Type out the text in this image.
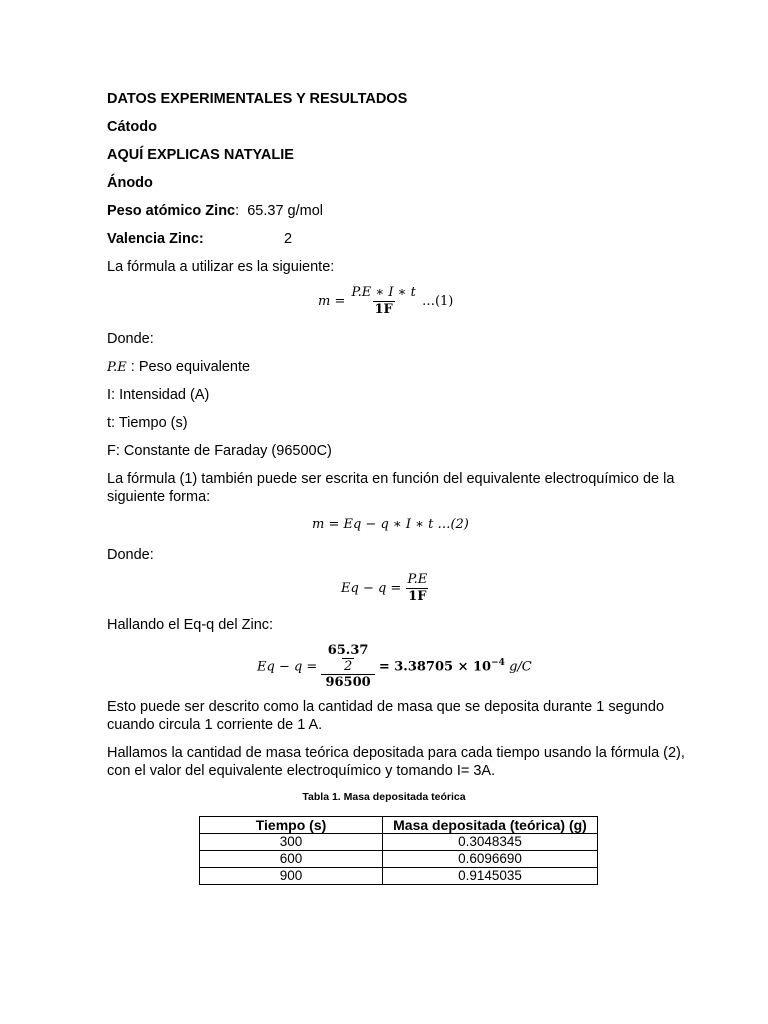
DATOS EXPERIMENTALES Y RESULTADOS
Cátodo
AQUÍ EXPLICAS NATYALIE
Ánodo
Peso atómico Zinc: 65.37 g/mol
Valencia Zinc:	2
La fórmula a utilizar es la siguiente:
$m = \frac{P.E ∗ I ∗ t}{1F}$ …(1)
Donde:
P.E : Peso equivalente
I: Intensidad (A)
t: Tiempo (s)
F: Constante de Faraday (96500C)
La fórmula (1) también puede ser escrita en función del equivalente electroquímico de la
siguiente forma:
m = Eq − q ∗ I ∗ t …(2)
Donde:
$Eq - q = \frac{P.E}{1F}$
Hallando el Eq-q del Zinc:
Eq − q =
65.37
2
96500
= $3.38705 \times 10^{-4}$ g/C
Esto puede ser descrito como la cantidad de masa que se deposita durante 1 segundo
cuando circula 1 corriente de 1 A.
Hallamos la cantidad de masa teórica depositada para cada tiempo usando la fórmula (2),
con el valor del equivalente electroquímico y tomando I= 3A.
Tabla 1. Masa depositada teórica
Tiempo (s)	Masa depositada (teórica) (g)
300	0.3048345
600	0.6096690
900	0.9145035
